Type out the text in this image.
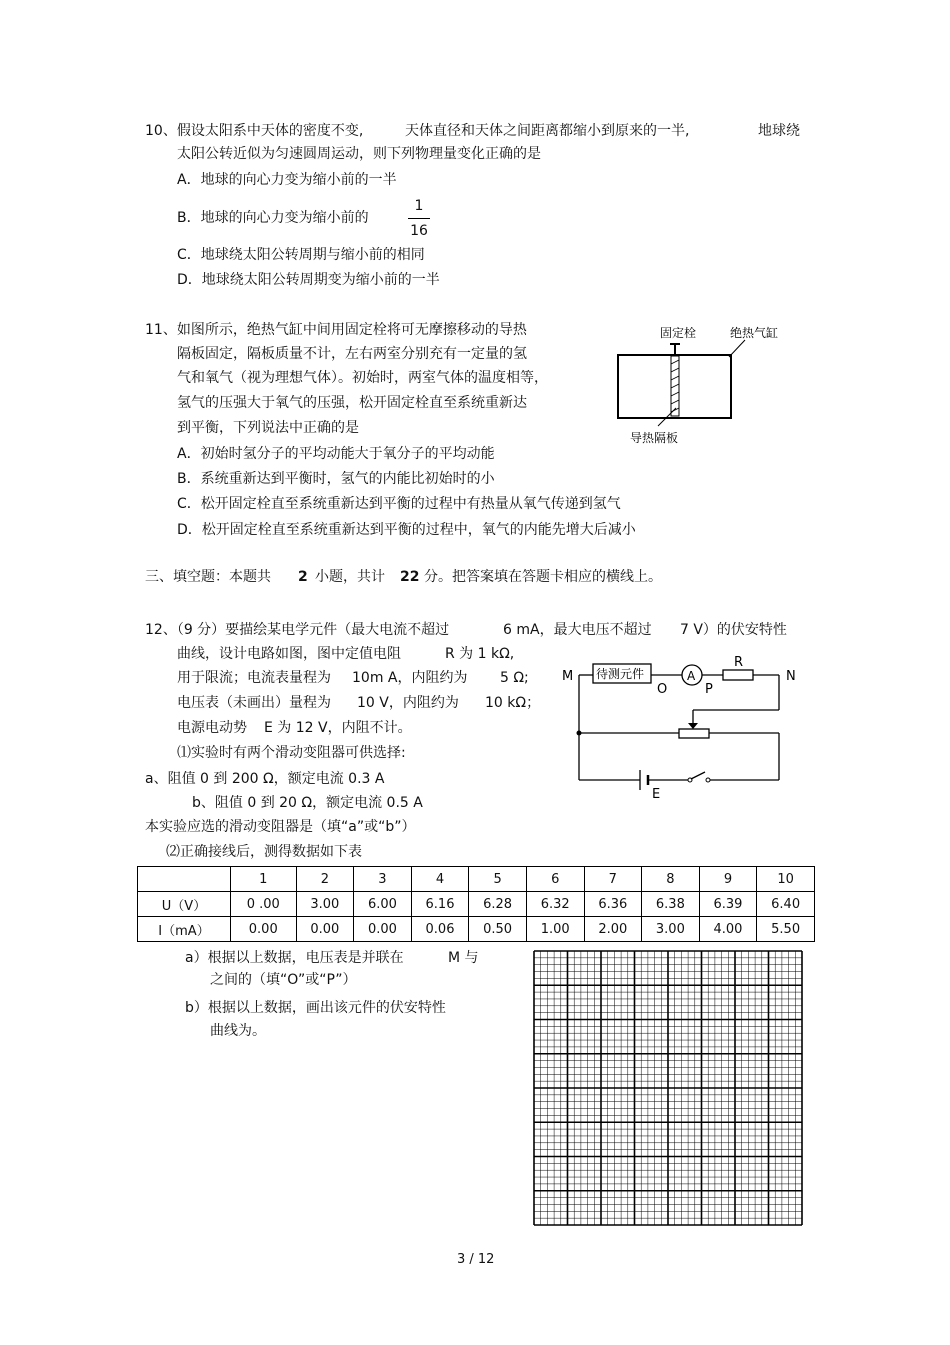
10、假设太阳系中天体的密度不变,	天体直径和天体之间距离都缩小到原来的一半,	地球绕
太阳公转近似为匀速圆周运动，则下列物理量变化正确的是
A．地球的向心力变为缩小前的一半
B．地球的向心力变为缩小前的
1
16
C．地球绕太阳公转周期与缩小前的相同
D．地球绕太阳公转周期变为缩小前的一半
11、如图所示，绝热气缸中间用固定栓将可无摩擦移动的导热
隔板固定，隔板质量不计，左右两室分别充有一定量的氢
气和氧气（视为理想气体）。初始时，两室气体的温度相等，
氢气的压强大于氧气的压强，松开固定栓直至系统重新达
到平衡，下列说法中正确的是
固定栓	绝热气缸
导热隔板
A．初始时氢分子的平均动能大于氧分子的平均动能
B．系统重新达到平衡时，氢气的内能比初始时的小
C．松开固定栓直至系统重新达到平衡的过程中有热量从氧气传递到氢气
D．松开固定栓直至系统重新达到平衡的过程中，氧气的内能先增大后减小
三、填空题：本题共 2 小题，共计 22 分。把答案填在答题卡相应的横线上。
12、（9 分）要描绘某电学元件（最大电流不超过	6 mA，最大电压不超过 7 V）的伏安特性
曲线，设计电路如图，图中定值电阻	R 为 1 kΩ,
用于限流；电流表量程为 10m A，内阻约为 5 Ω;
电压表（未画出）量程为 10 V，内阻约为 10 kΩ；
电源电动势 E 为 12 V，内阻不计。
⑴实验时有两个滑动变阻器可供选择:
a、阻值 0 到 200 Ω，额定电流 0.3 A
b、阻值 0 到 20 Ω，额定电流 0.5 A
本实验应选的滑动变阻器是（填“a”或“b”）
⑵正确接线后，测得数据如下表
待测元件	A
R
M	N
O	P
E
	1	2	3	4	5	6	7	8	9	10
U（V）	0 .00	3.00	6.00	6.16	6.28	6.32	6.36	6.38	6.39	6.40
I（mA）	0.00	0.00	0.00	0.06	0.50	1.00	2.00	3.00	4.00	5.50
a）根据以上数据，电压表是并联在	M 与
之间的（填“O”或“P”）
b）根据以上数据，画出该元件的伏安特性
曲线为。
3 / 12
